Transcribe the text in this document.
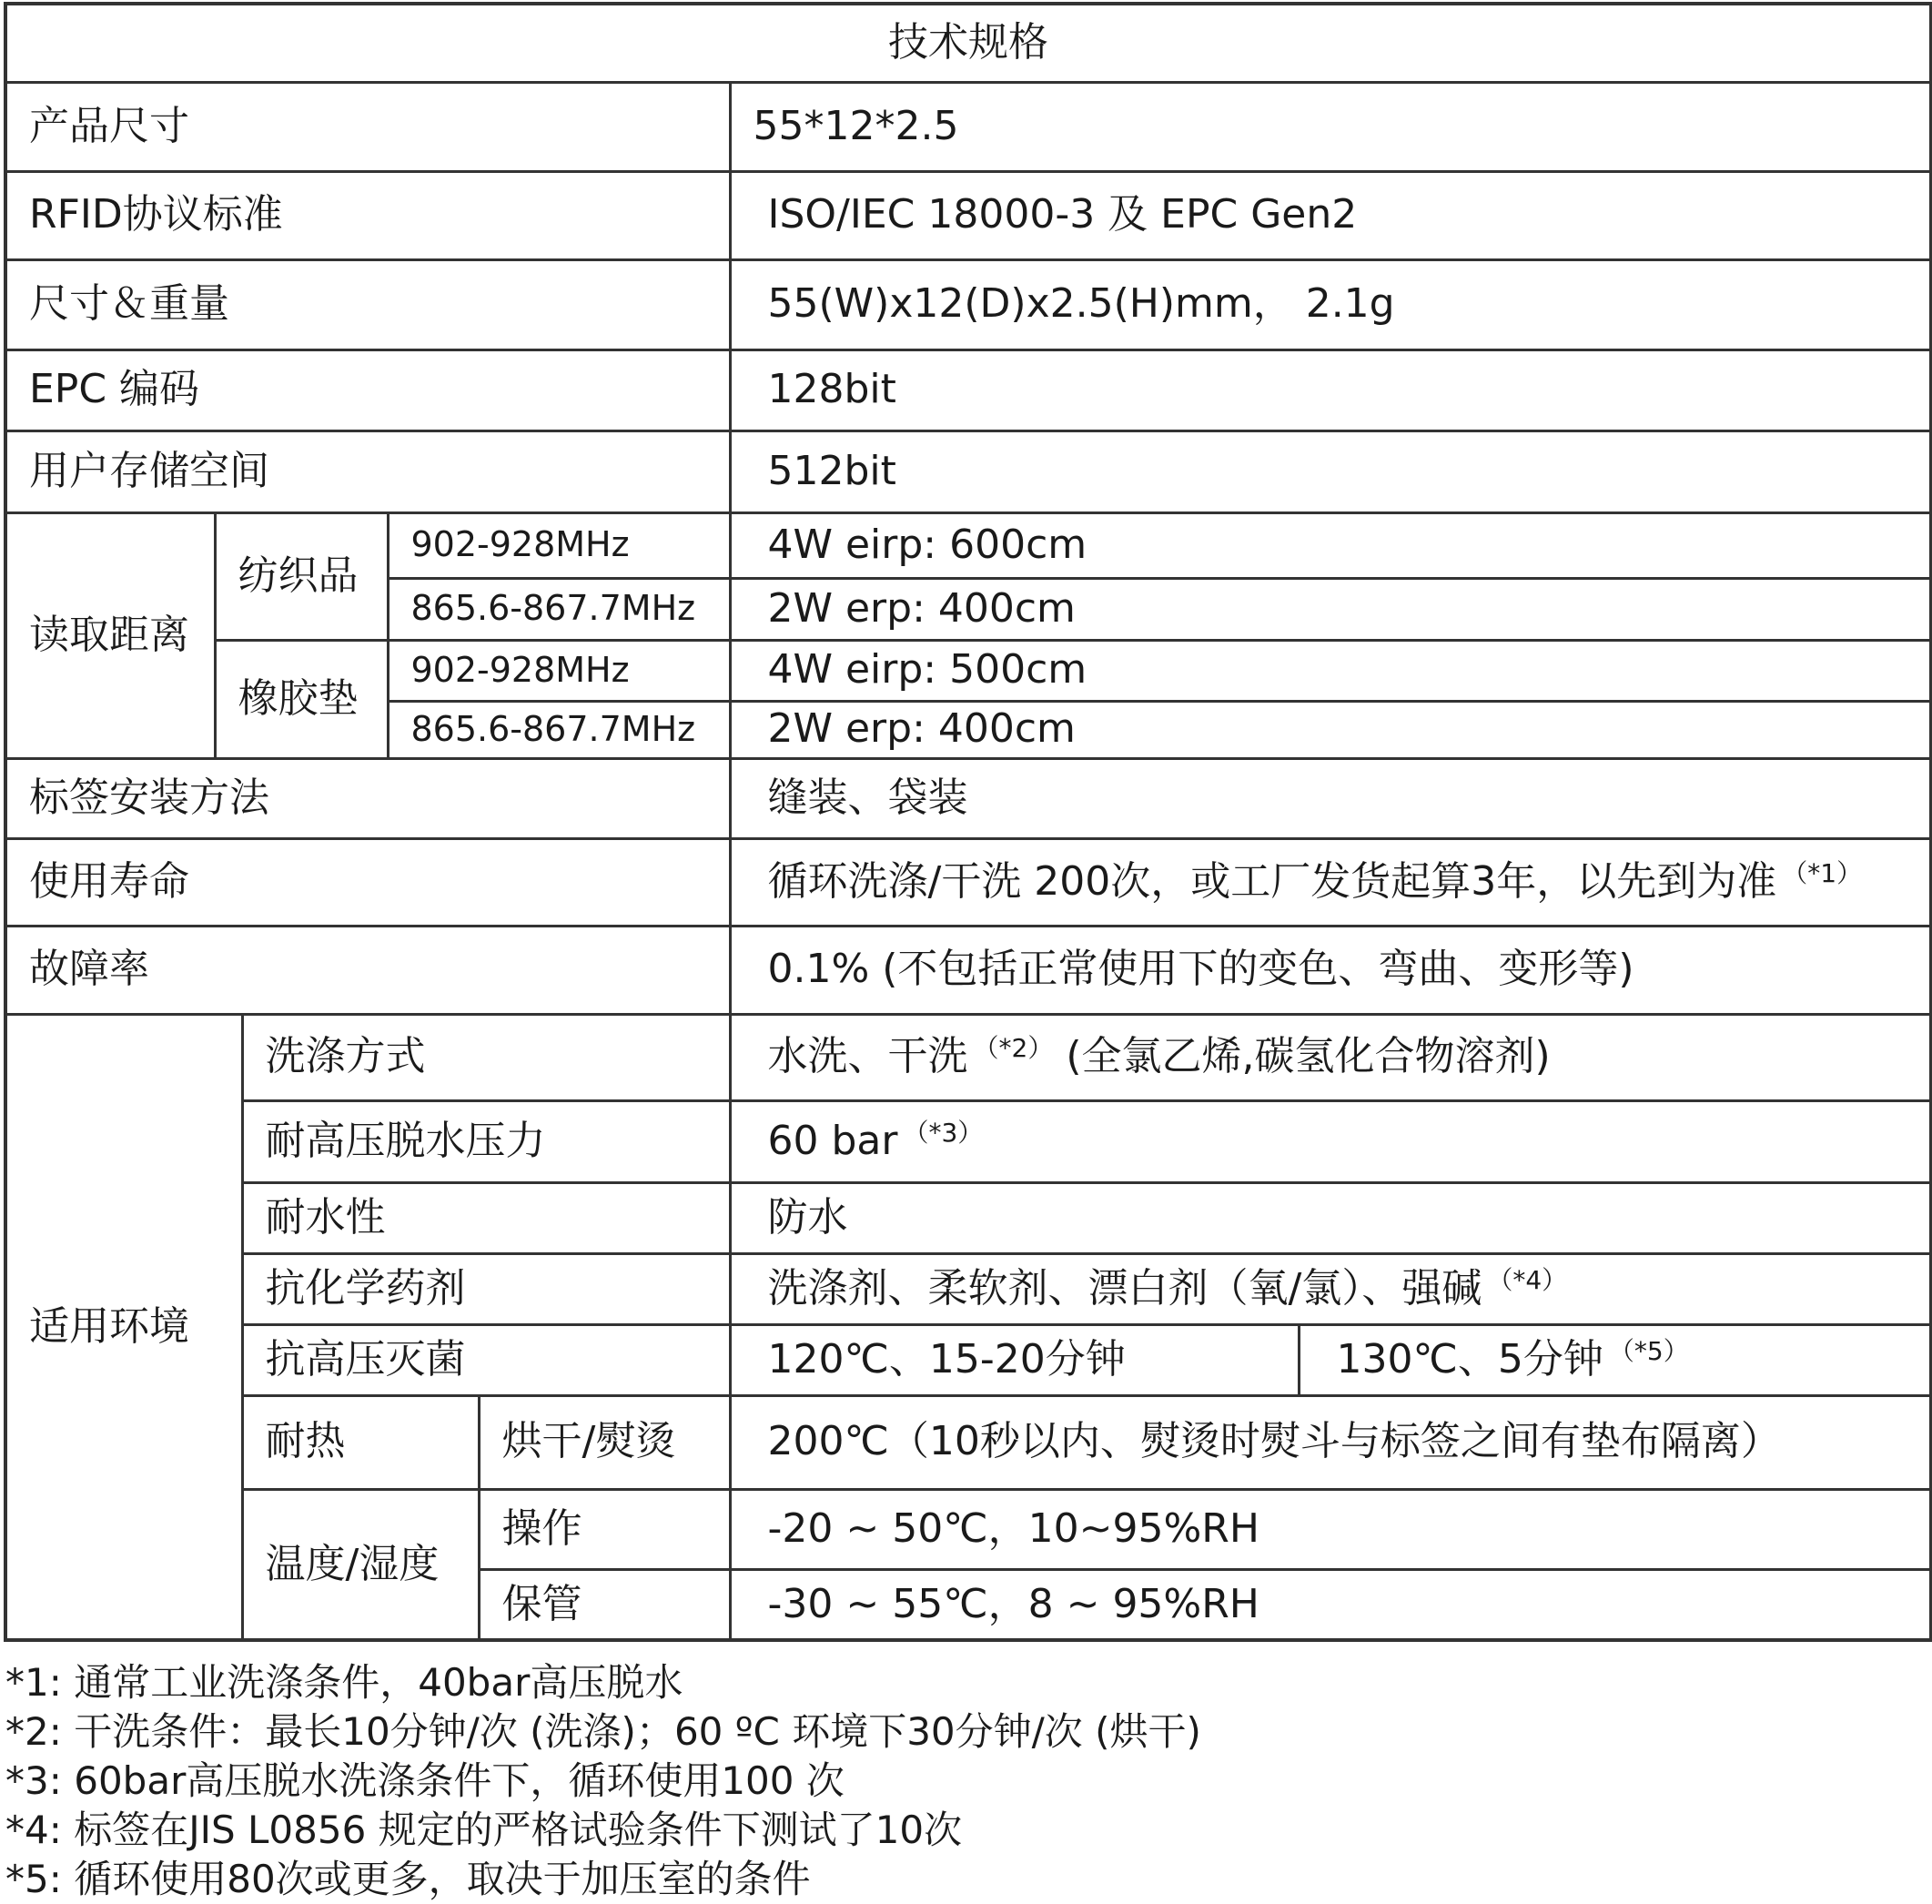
技术规格						
产品尺寸					55*12*2.5	
RFID协议标准					ISO/IEC 18000-3 及 EPC Gen2	
尺寸＆重量					55(W)x12(D)x2.5(H)mm， 2.1g	
EPC 编码					128bit	
用户存储空间					512bit	
读取距离	纺织品		902-928MHz		4W eirp: 600cm	
			865.6-867.7MHz		2W erp: 400cm	
	橡胶垫		902-928MHz		4W eirp: 500cm	
			865.6-867.7MHz		2W erp: 400cm	
标签安装方法					缝装、袋装	
使用寿命					循环洗涤/干洗 200次，或工厂发货起算3年，以先到为准 $^{(*1)}$
故障率					0.1% (不包括正常使用下的变色、弯曲、变形等)	
适用环境		洗涤方式			水洗、干洗 $^{(*2)}$ (全氯乙烯,碳氢化合物溶剂)	
		耐高压脱水压力			60 bar $^{(*3)}$
		耐水性			防水	
		抗化学药剂			洗涤剂、柔软剂、漂白剂（氧/氯）、强碱 $^{(*4)}$
		抗高压灭菌			120℃、15-20分钟	130℃、5分钟 $^{(*5)}$
		耐热		烘干/熨烫	200℃（10秒以内、熨烫时熨斗与标签之间有垫布隔离）	
		温度/湿度		操作	-20 ~ 50℃，10~95%RH	
				保管	-30 ~ 55℃，8 ~ 95%RH	
*1: 通常工业洗涤条件，40bar高压脱水
*2: 干洗条件：最长10分钟/次 (洗涤)；60 ºC 环境下30分钟/次 (烘干)
*3: 60bar高压脱水洗涤条件下，循环使用100 次
*4: 标签在JIS L0856 规定的严格试验条件下测试了10次
*5: 循环使用80次或更多，取决于加压室的条件
